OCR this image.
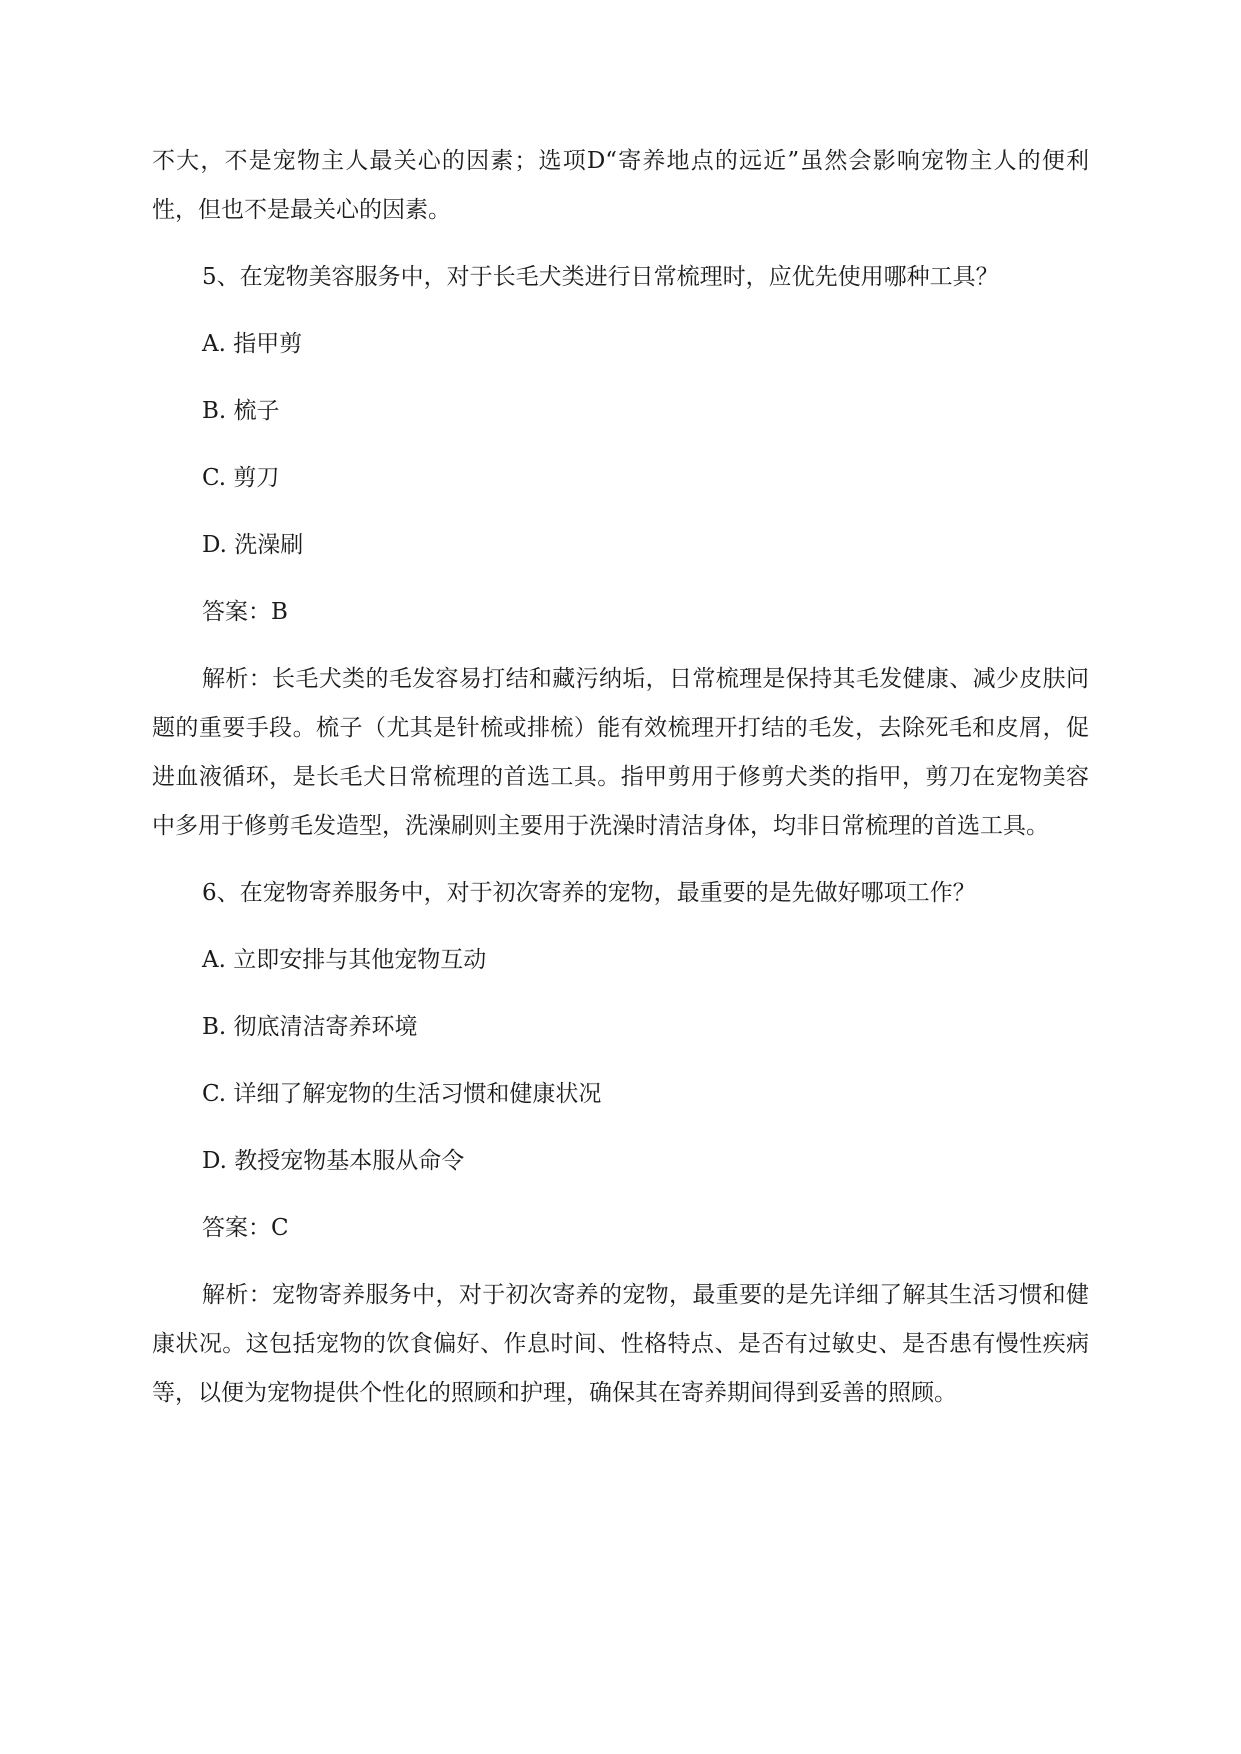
不大，不是宠物主人最关心的因素；选项D“寄养地点的远近”虽然会影响宠物主人的便利性，但也不是最关心的因素。

5、在宠物美容服务中，对于长毛犬类进行日常梳理时，应优先使用哪种工具？

A. 指甲剪

B. 梳子

C. 剪刀

D. 洗澡刷

答案：B

解析：长毛犬类的毛发容易打结和藏污纳垢，日常梳理是保持其毛发健康、减少皮肤问题的重要手段。梳子（尤其是针梳或排梳）能有效梳理开打结的毛发，去除死毛和皮屑，促进血液循环，是长毛犬日常梳理的首选工具。指甲剪用于修剪犬类的指甲，剪刀在宠物美容中多用于修剪毛发造型，洗澡刷则主要用于洗澡时清洁身体，均非日常梳理的首选工具。

6、在宠物寄养服务中，对于初次寄养的宠物，最重要的是先做好哪项工作？

A. 立即安排与其他宠物互动

B. 彻底清洁寄养环境

C. 详细了解宠物的生活习惯和健康状况

D. 教授宠物基本服从命令

答案：C

解析：宠物寄养服务中，对于初次寄养的宠物，最重要的是先详细了解其生活习惯和健康状况。这包括宠物的饮食偏好、作息时间、性格特点、是否有过敏史、是否患有慢性疾病等，以便为宠物提供个性化的照顾和护理，确保其在寄养期间得到妥善的照顾。
